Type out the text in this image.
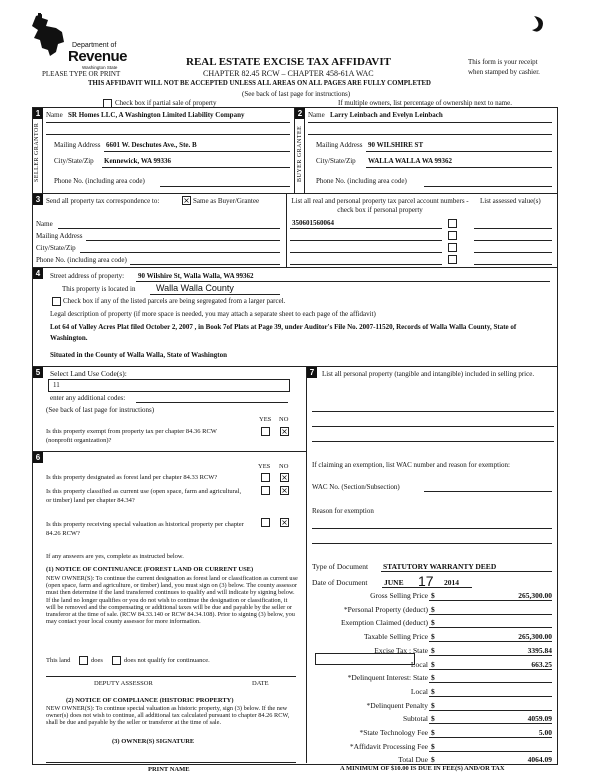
Department of
Revenue
Washington State
PLEASE TYPE OR PRINT
REAL ESTATE EXCISE TAX AFFIDAVIT
CHAPTER 82.45 RCW – CHAPTER 458-61A WAC
This form is your receipt
when stamped by cashier.
THIS AFFIDAVIT WILL NOT BE ACCEPTED UNLESS ALL AREAS ON ALL PAGES ARE FULLY COMPLETED
(See back of last page for instructions)
Check box if partial sale of property	If multiple owners, list percentage of ownership next to name.
1
SELLER GRANTOR
Name SR Homes LLC, A Washington Limited Liability Company
Mailing Address 6601 W. Deschutes Ave., Ste. B
City/State/Zip Kennewick, WA 99336
Phone No. (including area code)
2
BUYER GRANTEE
Name Larry Leinbach and Evelyn Leinbach
Mailing Address 90 WILSHIRE ST
City/State/Zip WALLA WALLA WA 99362
Phone No. (including area code)
3 Send all property tax correspondence to:	× Same as Buyer/Grantee
Name
Mailing Address
City/State/Zip
Phone No. (including area code)
List all real and personal property tax parcel account numbers - check box if personal property
List assessed value(s)
350601560064
4	Street address of property: 90 Wilshire St, Walla Walla, WA 99362
This property is located in Walla Walla County
Check box if any of the listed parcels are being segregated from a larger parcel.
Legal description of property (if more space is needed, you may attach a separate sheet to each page of the affidavit)
Lot 64 of Valley Acres Plat filed October 2, 2007 , in Book 7of Plats at Page 39, under Auditor's File No. 2007-11520, Records of Walla Walla County, State of Washington.
Situated in the County of Walla Walla, State of Washington
5	Select Land Use Code(s):
11
enter any additional codes:
(See back of last page for instructions)
YES NO
Is this property exempt from property tax per chapter 84.36 RCW (nonprofit organization)?
×
6
YES NO
Is this property designated as forest land per chapter 84.33 RCW?	×
Is this property classified as current use (open space, farm and agricultural, or timber) land per chapter 84.34?
×
Is this property receiving special valuation as historical property per chapter 84.26 RCW?
×
If any answers are yes, complete as instructed below.
(1) NOTICE OF CONTINUANCE (FOREST LAND OR CURRENT USE)
NEW OWNER(S): To continue the current designation as forest land or classification as current use (open space, farm and agriculture, or timber) land, you must sign on (3) below. The county assessor must then determine if the land transferred continues to qualify and will indicate by signing below. If the land no longer qualifies or you do not wish to continue the designation or classification, it will be removed and the compensating or additional taxes will be due and payable by the seller or transferor at the time of sale. (RCW 84.33.140 or RCW 84.34.108). Prior to signing (3) below, you may contact your local county assessor for more information.
This land	does	does not qualify for continuance.
DEPUTY ASSESSOR	DATE
(2) NOTICE OF COMPLIANCE (HISTORIC PROPERTY)
NEW OWNER(S): To continue special valuation as historic property, sign (3) below. If the new owner(s) does not wish to continue, all additional tax calculated pursuant to chapter 84.26 RCW, shall be due and payable by the seller or transferor at the time of sale.
(3) OWNER(S) SIGNATURE
PRINT NAME
7	List all personal property (tangible and intangible) included in selling price.
If claiming an exemption, list WAC number and reason for exemption:
WAC No. (Section/Subsection)
Reason for exemption
Type of Document STATUTORY WARRANTY DEED
Date of Document JUNE 17 2014
Gross Selling Price $	265,300.00
*Personal Property (deduct) $
Exemption Claimed (deduct) $
Taxable Selling Price $	265,300.00
Excise Tax : State $	3395.84
Local $	663.25
*Delinquent Interest: State $
Local $
*Delinquent Penalty $
Subtotal $	4059.09
*State Technology Fee $	5.00
*Affidavit Processing Fee $
Total Due $	4064.09
A MINIMUM OF $10.00 IS DUE IN FEE(S) AND/OR TAX
